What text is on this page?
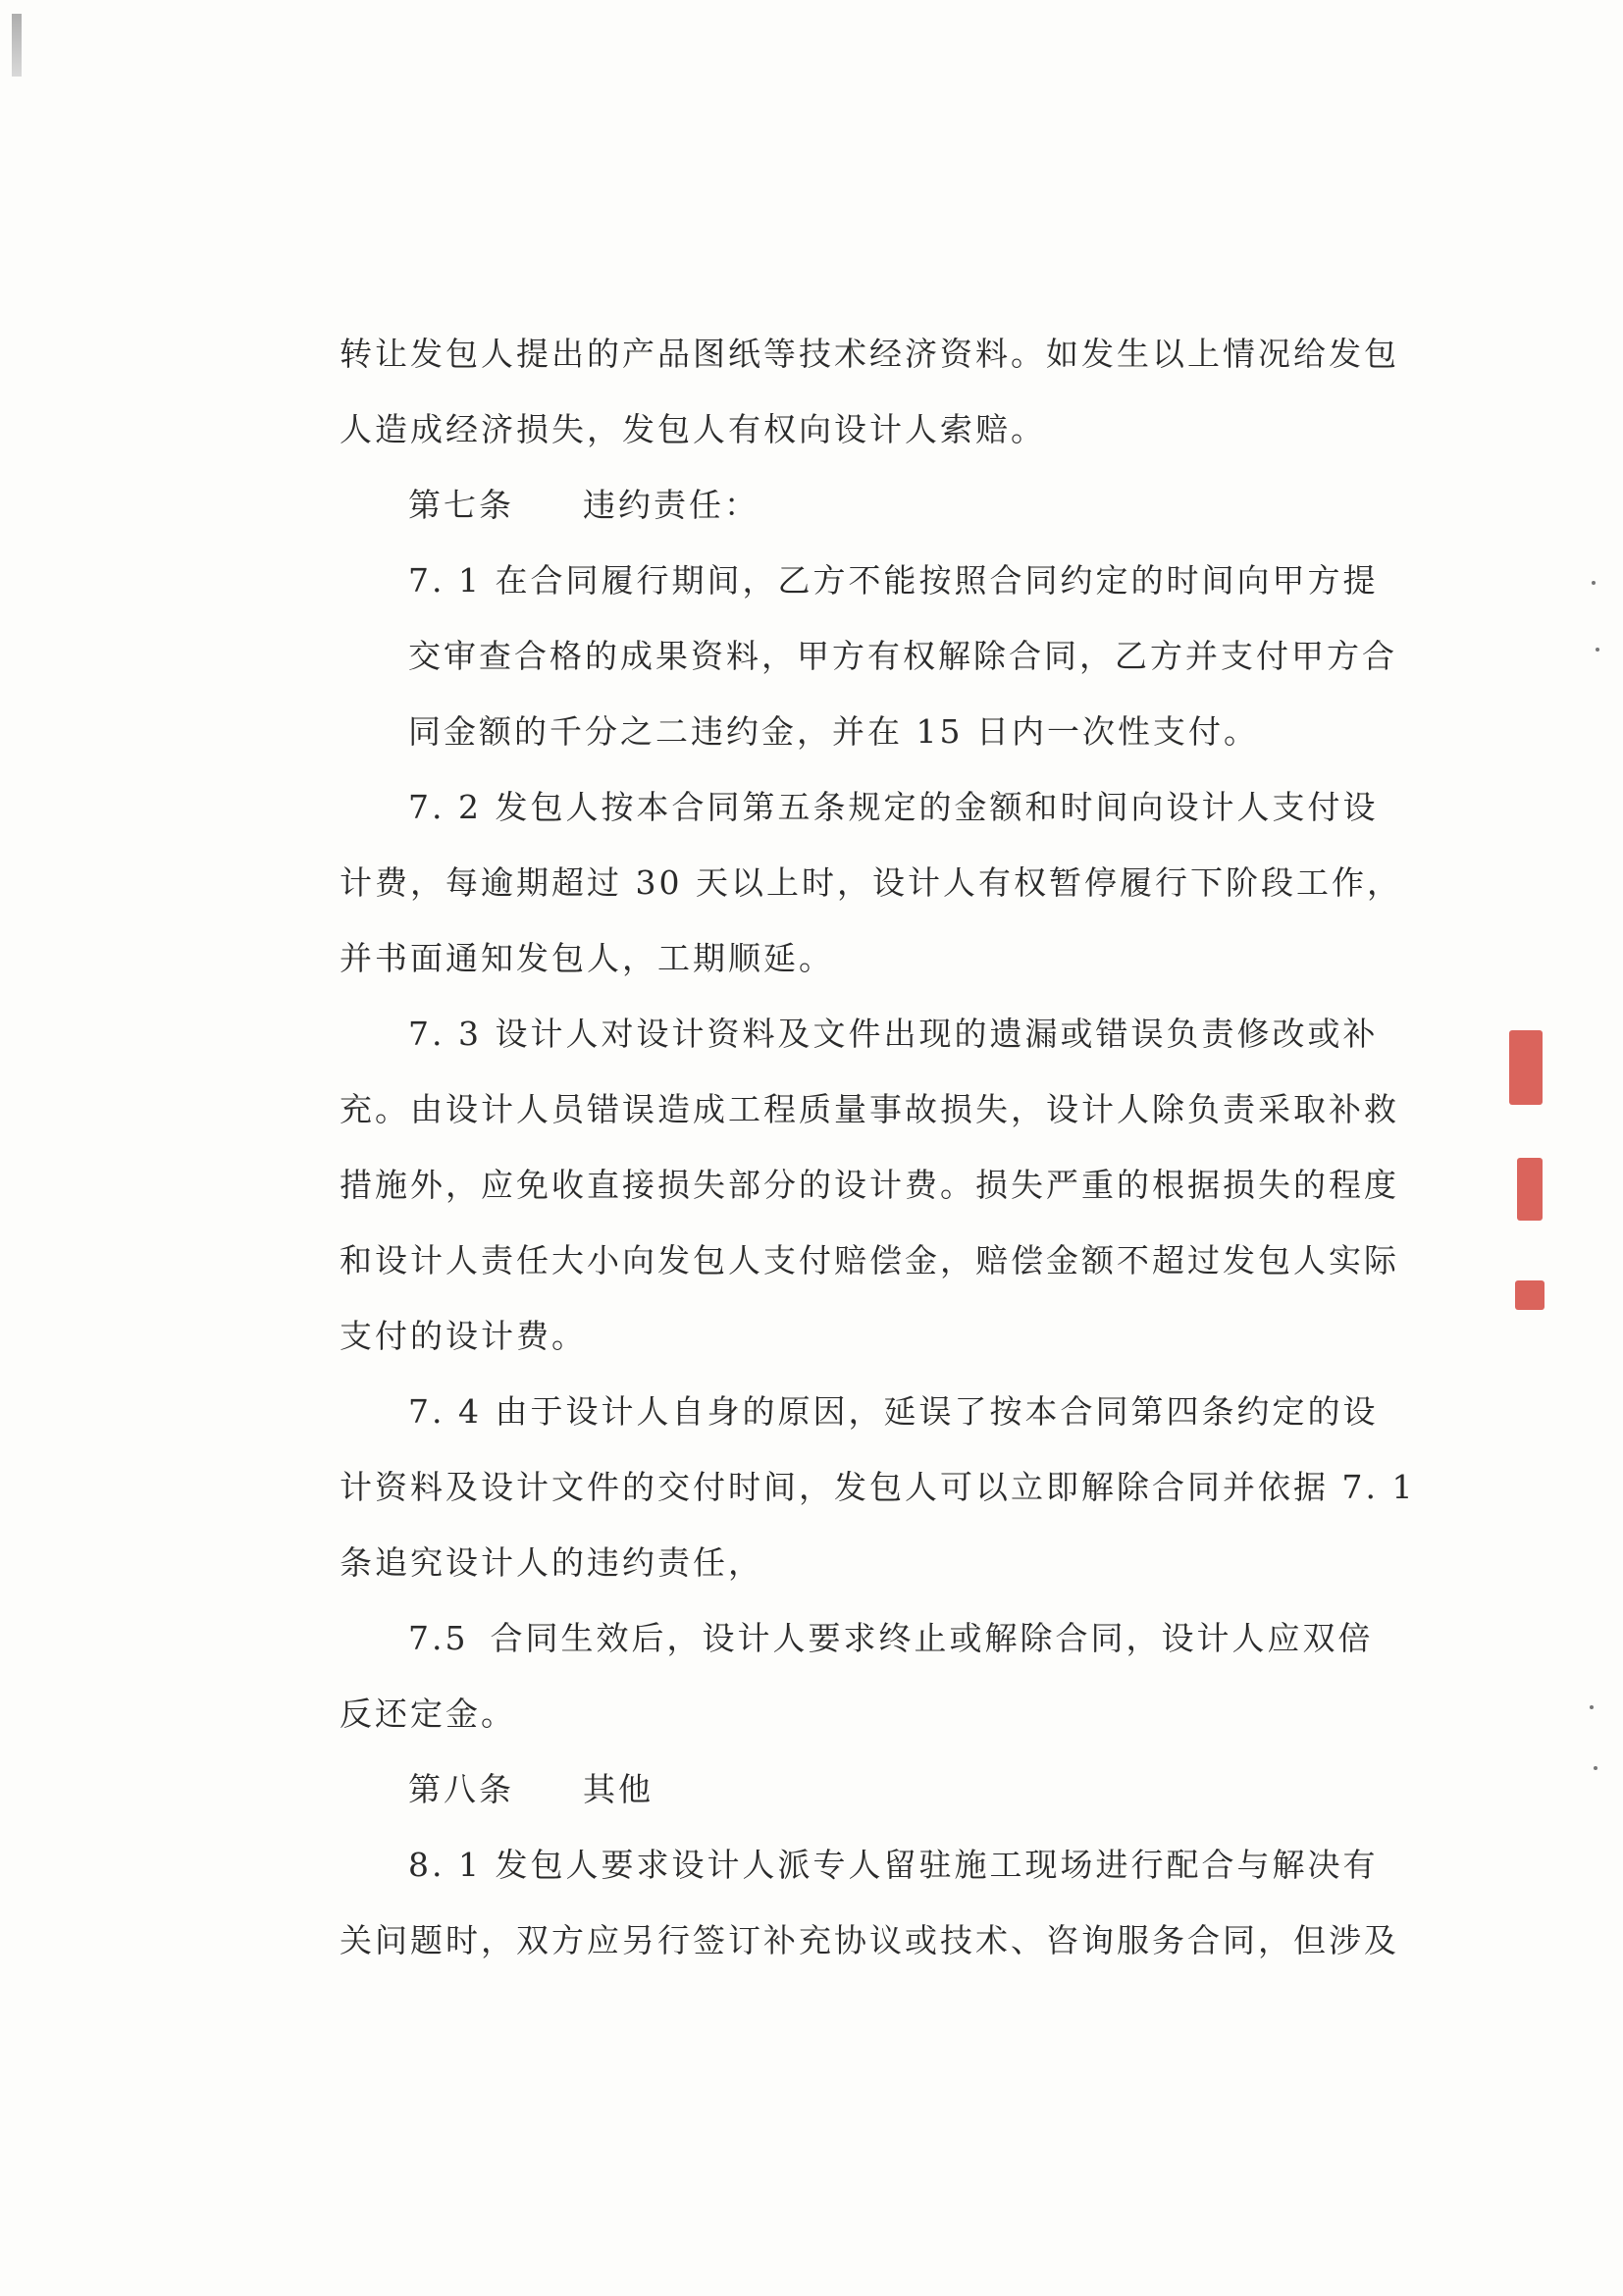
转让发包人提出的产品图纸等技术经济资料。如发生以上情况给发包
人造成经济损失，发包人有权向设计人索赔。
第七条 违约责任：
7. 1 在合同履行期间，乙方不能按照合同约定的时间向甲方提
交审查合格的成果资料，甲方有权解除合同，乙方并支付甲方合
同金额的千分之二违约金，并在 15 日内一次性支付。
7. 2 发包人按本合同第五条规定的金额和时间向设计人支付设
计费，每逾期超过 30 天以上时，设计人有权暂停履行下阶段工作，
并书面通知发包人，工期顺延。
7. 3 设计人对设计资料及文件出现的遗漏或错误负责修改或补
充。由设计人员错误造成工程质量事故损失，设计人除负责采取补救
措施外，应免收直接损失部分的设计费。损失严重的根据损失的程度
和设计人责任大小向发包人支付赔偿金，赔偿金额不超过发包人实际
支付的设计费。
7. 4 由于设计人自身的原因，延误了按本合同第四条约定的设
计资料及设计文件的交付时间，发包人可以立即解除合同并依据 7. 1
条追究设计人的违约责任，
7.5 合同生效后，设计人要求终止或解除合同，设计人应双倍
反还定金。
第八条 其他
8. 1 发包人要求设计人派专人留驻施工现场进行配合与解决有
关问题时，双方应另行签订补充协议或技术、咨询服务合同，但涉及
